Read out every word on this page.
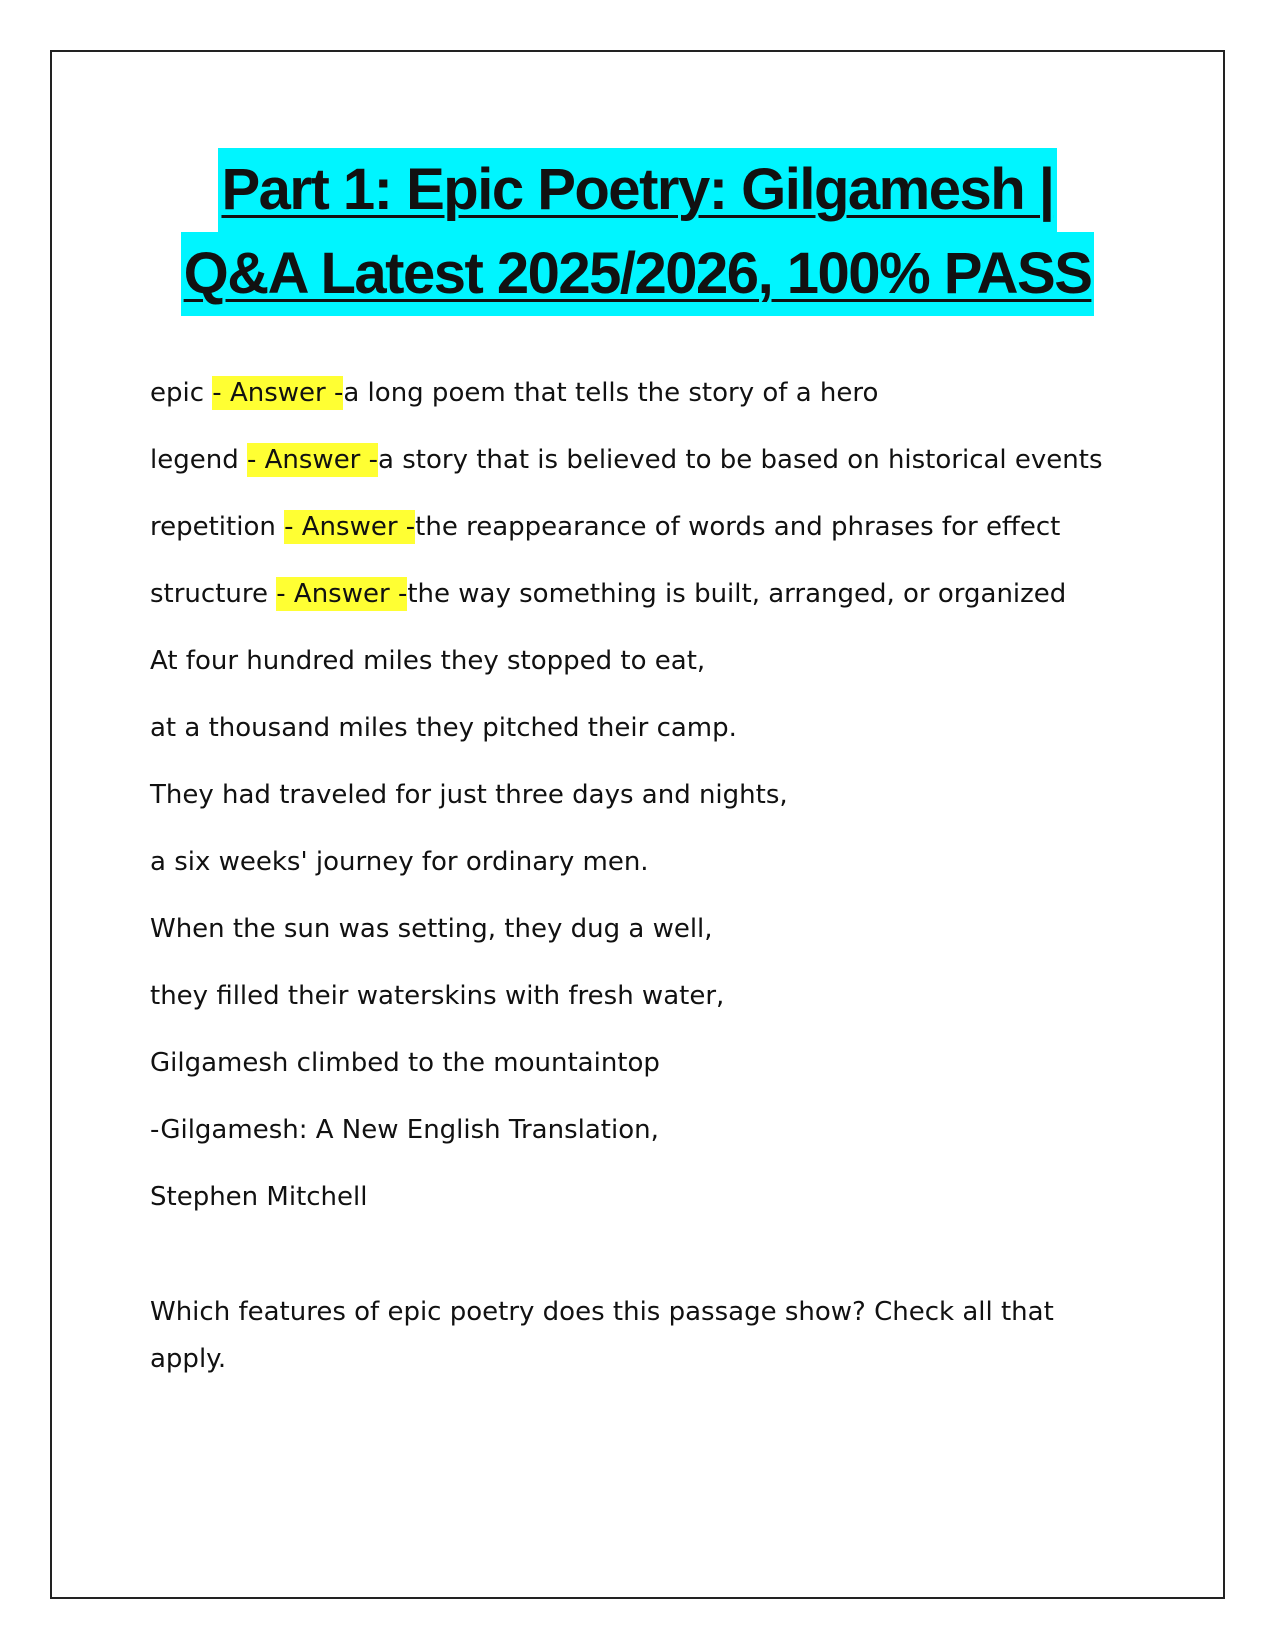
Part 1: Epic Poetry: Gilgamesh |
Q&A Latest 2025/2026, 100% PASS
epic - Answer -a long poem that tells the story of a hero
legend - Answer -a story that is believed to be based on historical events
repetition - Answer -the reappearance of words and phrases for effect
structure - Answer -the way something is built, arranged, or organized
At four hundred miles they stopped to eat,
at a thousand miles they pitched their camp.
They had traveled for just three days and nights,
a six weeks' journey for ordinary men.
When the sun was setting, they dug a well,
they filled their waterskins with fresh water,
Gilgamesh climbed to the mountaintop
-Gilgamesh: A New English Translation,
Stephen Mitchell
Which features of epic poetry does this passage show? Check all that apply.
